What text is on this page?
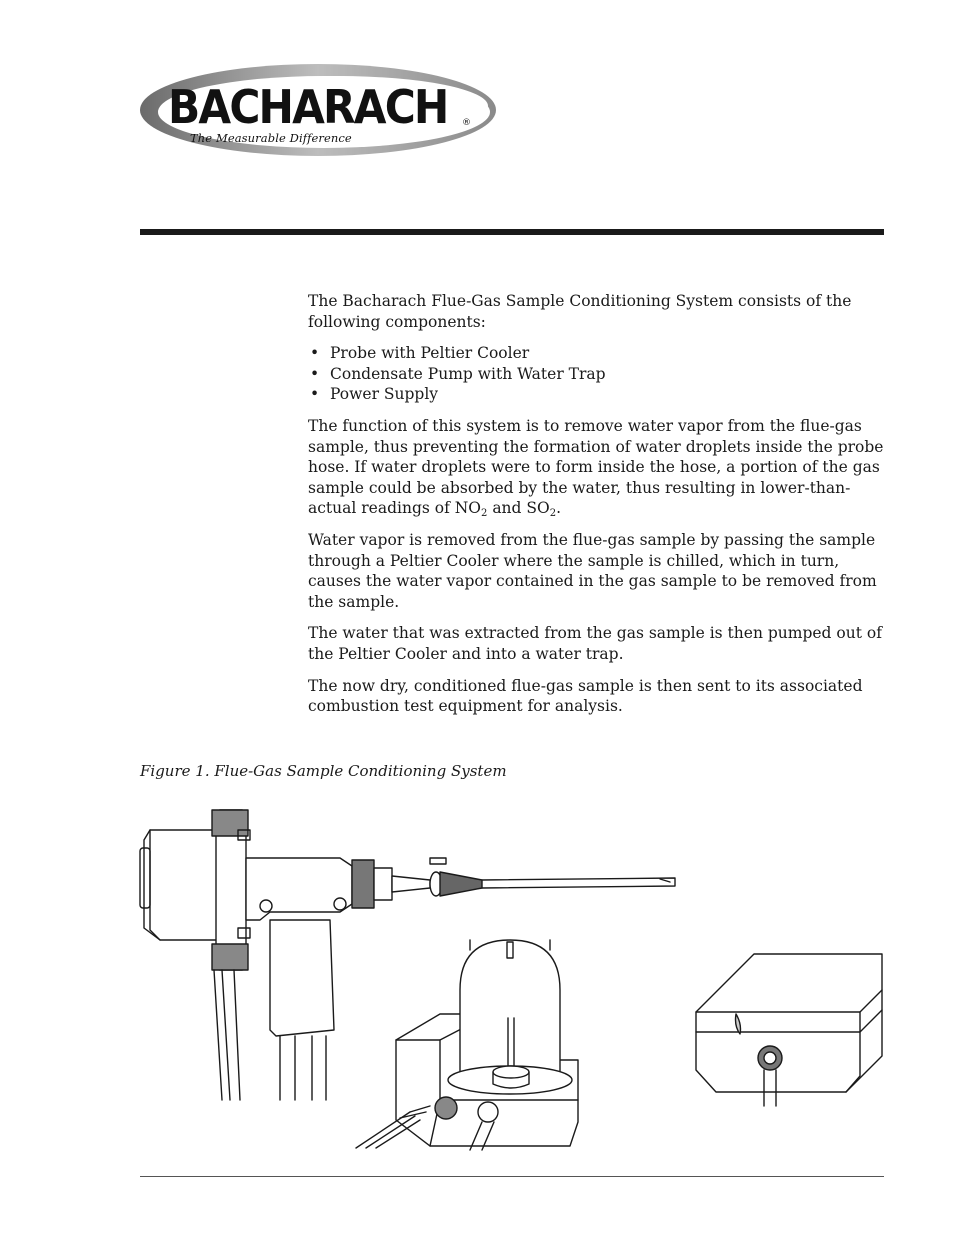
BACHARACH ®
The Measurable Difference

The Bacharach Flue-Gas Sample Conditioning System consists of the following components:

• Probe with Peltier Cooler
• Condensate Pump with Water Trap
• Power Supply

The function of this system is to remove water vapor from the flue-gas sample, thus preventing the formation of water droplets inside the probe hose. If water droplets were to form inside the hose, a portion of the gas sample could be absorbed by the water, thus resulting in lower-than-actual readings of $NO_2$ and $SO_2$.

Water vapor is removed from the flue-gas sample by passing the sample through a Peltier Cooler where the sample is chilled, which in turn, causes the water vapor contained in the gas sample to be removed from the sample.

The water that was extracted from the gas sample is then pumped out of the Peltier Cooler and into a water trap.

The now dry, conditioned flue-gas sample is then sent to its associated combustion test equipment for analysis.

Figure 1. Flue-Gas Sample Conditioning System
